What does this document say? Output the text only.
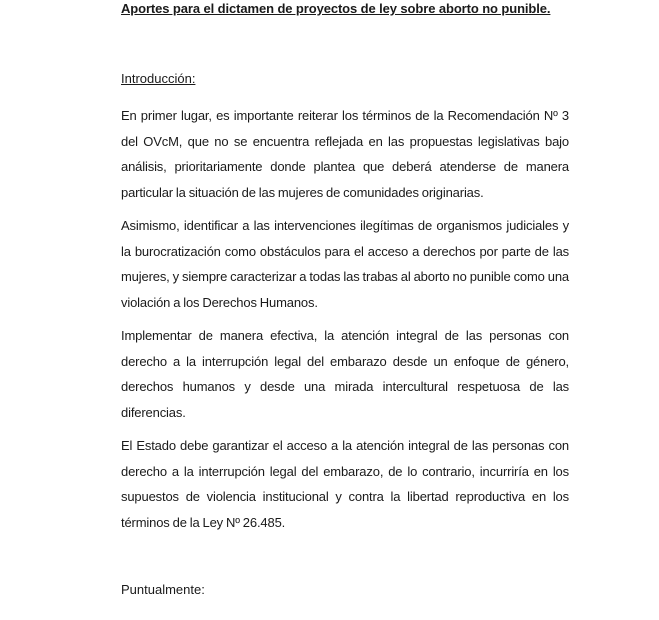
Aportes para el dictamen de proyectos de ley sobre aborto no punible.
Introducción:
En primer lugar, es importante reiterar los términos de la Recomendación Nº 3 del OVcM, que no se encuentra reflejada en las propuestas legislativas bajo análisis, prioritariamente donde plantea que deberá atenderse de manera particular la situación de las mujeres de comunidades originarias.
Asimismo, identificar a las intervenciones ilegítimas de organismos judiciales y la burocratización como obstáculos para el acceso a derechos por parte de las mujeres, y siempre caracterizar a todas las trabas al aborto no punible como una violación a los Derechos Humanos.
Implementar de manera efectiva, la atención integral de las personas con derecho a la interrupción legal del embarazo desde un enfoque de género, derechos humanos y desde una mirada intercultural respetuosa de las diferencias.
El Estado debe garantizar el acceso a la atención integral de las personas con derecho a la interrupción legal del embarazo, de lo contrario, incurriría en los supuestos de violencia institucional y contra la libertad reproductiva en los términos de la Ley Nº 26.485.
Puntualmente:
